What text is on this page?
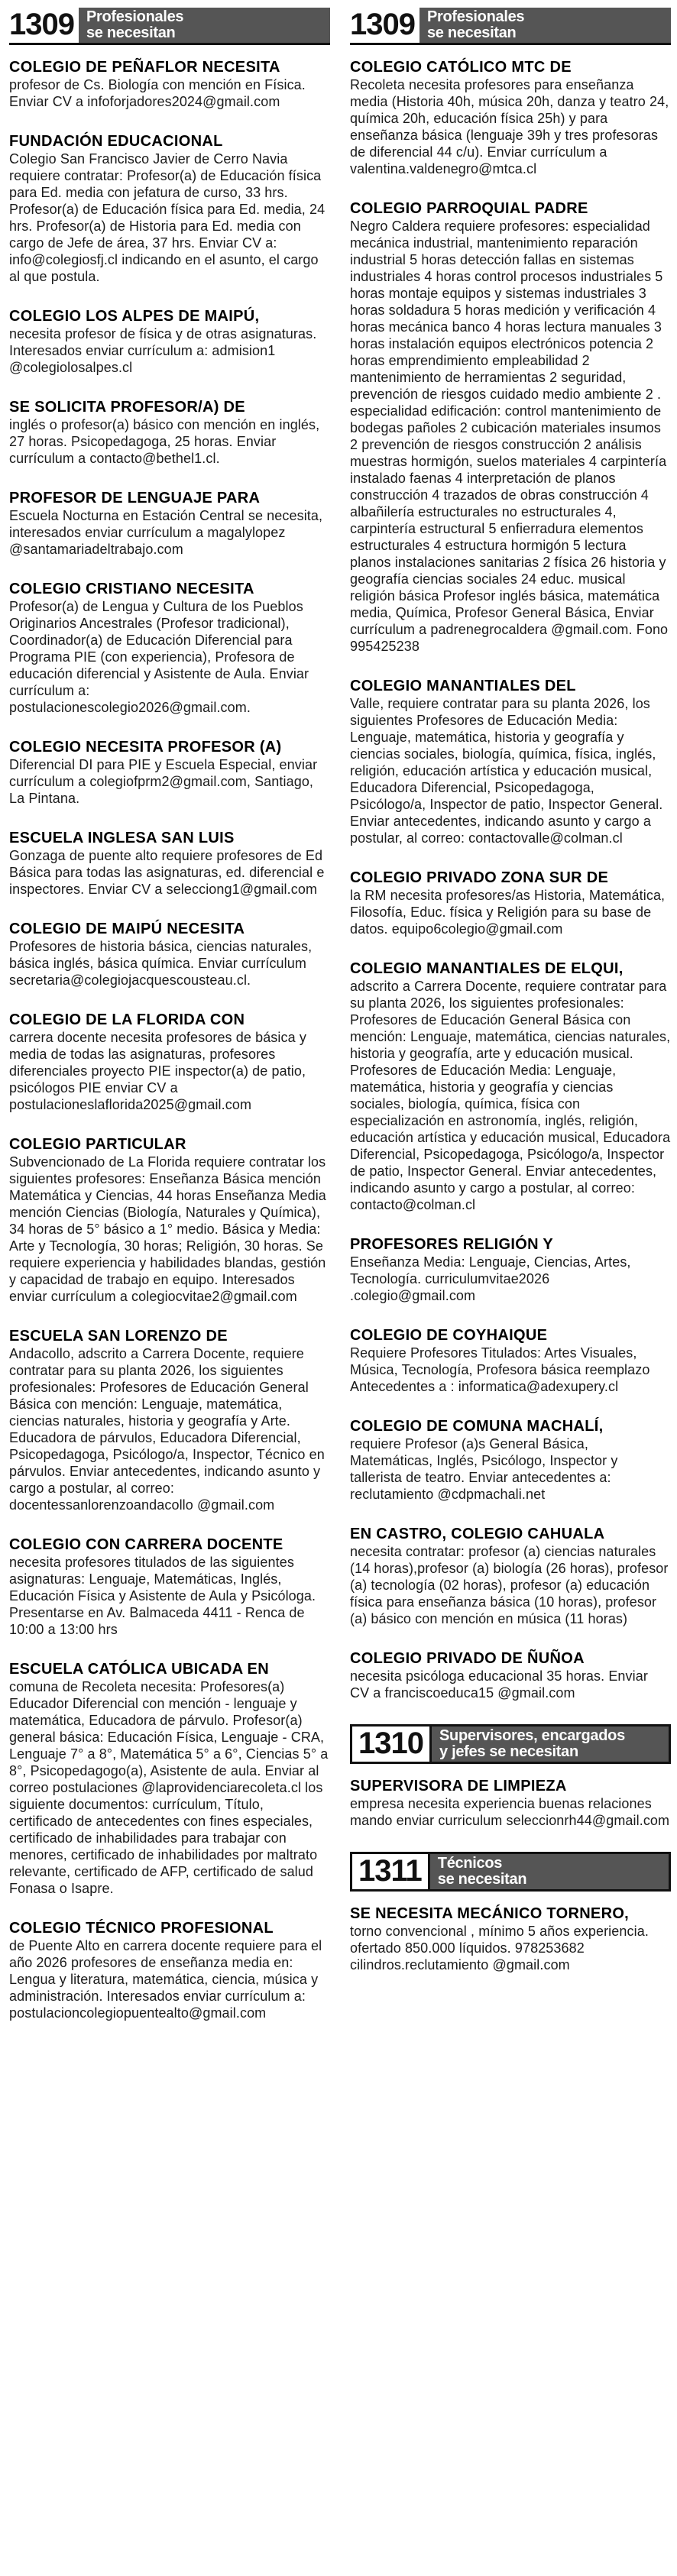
1309 Profesionales
se necesitan
COLEGIO DE PEÑAFLOR NECESITA
profesor de Cs. Biología con mención en Física. Enviar CV a infoforjadores2024@gmail.com
FUNDACIÓN EDUCACIONAL
Colegio San Francisco Javier de Cerro Navia requiere contratar: Profesor(a) de Educación física para Ed. media con jefatura de curso, 33 hrs. Profesor(a) de Educación física para Ed. media, 24 hrs. Profesor(a) de Historia para Ed. media con cargo de Jefe de área, 37 hrs. Enviar CV a: info@colegiosfj.cl indicando en el asunto, el cargo al que postula.
COLEGIO LOS ALPES DE MAIPÚ,
necesita profesor de física y de otras asignaturas. Interesados enviar currículum a: admision1 @colegiolosalpes.cl
SE SOLICITA PROFESOR/A) DE
inglés o profesor(a) básico con mención en inglés, 27 horas. Psicopedagoga, 25 horas. Enviar currículum a contacto@bethel1.cl.
PROFESOR DE LENGUAJE PARA
Escuela Nocturna en Estación Central se necesita, interesados enviar currículum a magalylopez @santamariadeltrabajo.com
COLEGIO CRISTIANO NECESITA
Profesor(a) de Lengua y Cultura de los Pueblos Originarios Ancestrales (Profesor tradicional), Coordinador(a) de Educación Diferencial para Programa PIE (con experiencia), Profesora de educación diferencial y Asistente de Aula. Enviar currículum a: postulacionescolegio2026@gmail.com.
COLEGIO NECESITA PROFESOR (A)
Diferencial DI para PIE y Escuela Especial, enviar currículum a colegiofprm2@gmail.com, Santiago, La Pintana.
ESCUELA INGLESA SAN LUIS
Gonzaga de puente alto requiere profesores de Ed Básica para todas las asignaturas, ed. diferencial e inspectores. Enviar CV a selecciong1@gmail.com
COLEGIO DE MAIPÚ NECESITA
Profesores de historia básica, ciencias naturales, básica inglés, básica química. Enviar currículum secretaria@colegiojacquescousteau.cl.
COLEGIO DE LA FLORIDA CON
carrera docente necesita profesores de básica y media de todas las asignaturas, profesores diferenciales proyecto PIE inspector(a) de patio, psicólogos PIE enviar CV a postulacioneslaflorida2025@gmail.com
COLEGIO PARTICULAR
Subvencionado de La Florida requiere contratar los siguientes profesores: Enseñanza Básica mención Matemática y Ciencias, 44 horas Enseñanza Media mención Ciencias (Biología, Naturales y Química), 34 horas de 5° básico a 1° medio. Básica y Media: Arte y Tecnología, 30 horas; Religión, 30 horas. Se requiere experiencia y habilidades blandas, gestión y capacidad de trabajo en equipo. Interesados enviar currículum a colegiocvitae2@gmail.com
ESCUELA SAN LORENZO DE
Andacollo, adscrito a Carrera Docente, requiere contratar para su planta 2026, los siguientes profesionales: Profesores de Educación General Básica con mención: Lenguaje, matemática, ciencias naturales, historia y geografía y Arte. Educadora de párvulos, Educadora Diferencial, Psicopedagoga, Psicólogo/a, Inspector, Técnico en párvulos. Enviar antecedentes, indicando asunto y cargo a postular, al correo: docentessanlorenzoandacollo @gmail.com
COLEGIO CON CARRERA DOCENTE
necesita profesores titulados de las siguientes asignaturas: Lenguaje, Matemáticas, Inglés, Educación Física y Asistente de Aula y Psicóloga. Presentarse en Av. Balmaceda 4411 - Renca de 10:00 a 13:00 hrs
ESCUELA CATÓLICA UBICADA EN
comuna de Recoleta necesita: Profesores(a) Educador Diferencial con mención - lenguaje y matemática, Educadora de párvulo. Profesor(a) general básica: Educación Física, Lenguaje - CRA, Lenguaje 7° a 8°, Matemática 5° a 6°, Ciencias 5° a 8°, Psicopedagogo(a), Asistente de aula. Enviar al correo postulaciones @laprovidenciarecoleta.cl los siguiente documentos: currículum, Título, certificado de antecedentes con fines especiales, certificado de inhabilidades para trabajar con menores, certificado de inhabilidades por maltrato relevante, certificado de AFP, certificado de salud Fonasa o Isapre.
COLEGIO TÉCNICO PROFESIONAL
de Puente Alto en carrera docente requiere para el año 2026 profesores de enseñanza media en: Lengua y literatura, matemática, ciencia, música y administración. Interesados enviar currículum a: postulacioncolegiopuentealto@gmail.com
1309 Profesionales
se necesitan
COLEGIO CATÓLICO MTC DE
Recoleta necesita profesores para enseñanza media (Historia 40h, música 20h, danza y teatro 24, química 20h, educación física 25h) y para enseñanza básica (lenguaje 39h y tres profesoras de diferencial 44 c/u). Enviar currículum a valentina.valdenegro@mtca.cl
COLEGIO PARROQUIAL PADRE
Negro Caldera requiere profesores: especialidad mecánica industrial, mantenimiento reparación industrial 5 horas detección fallas en sistemas industriales 4 horas control procesos industriales 5 horas montaje equipos y sistemas industriales 3 horas soldadura 5 horas medición y verificación 4 horas mecánica banco 4 horas lectura manuales 3 horas instalación equipos electrónicos potencia 2 horas emprendimiento empleabilidad 2 mantenimiento de herramientas 2 seguridad, prevención de riesgos cuidado medio ambiente 2 . especialidad edificación: control mantenimiento de bodegas pañoles 2 cubicación materiales insumos 2 prevención de riesgos construcción 2 análisis muestras hormigón, suelos materiales 4 carpintería instalado faenas 4 interpretación de planos construcción 4 trazados de obras construcción 4 albañilería estructurales no estructurales 4, carpintería estructural 5 enfierradura elementos estructurales 4 estructura hormigón 5 lectura planos instalaciones sanitarias 2 física 26 historia y geografía ciencias sociales 24 educ. musical religión básica Profesor inglés básica, matemática media, Química, Profesor General Básica, Enviar currículum a padrenegrocaldera @gmail.com. Fono 995425238
COLEGIO MANANTIALES DEL
Valle, requiere contratar para su planta 2026, los siguientes Profesores de Educación Media: Lenguaje, matemática, historia y geografía y ciencias sociales, biología, química, física, inglés, religión, educación artística y educación musical, Educadora Diferencial, Psicopedagoga, Psicólogo/a, Inspector de patio, Inspector General. Enviar antecedentes, indicando asunto y cargo a postular, al correo: contactovalle@colman.cl
COLEGIO PRIVADO ZONA SUR DE
la RM necesita profesores/as Historia, Matemática, Filosofía, Educ. física y Religión para su base de datos. equipo6colegio@gmail.com
COLEGIO MANANTIALES DE ELQUI,
adscrito a Carrera Docente, requiere contratar para su planta 2026, los siguientes profesionales: Profesores de Educación General Básica con mención: Lenguaje, matemática, ciencias naturales, historia y geografía, arte y educación musical. Profesores de Educación Media: Lenguaje, matemática, historia y geografía y ciencias sociales, biología, química, física con especialización en astronomía, inglés, religión, educación artística y educación musical, Educadora Diferencial, Psicopedagoga, Psicólogo/a, Inspector de patio, Inspector General. Enviar antecedentes, indicando asunto y cargo a postular, al correo: contacto@colman.cl
PROFESORES RELIGIÓN Y
Enseñanza Media: Lenguaje, Ciencias, Artes, Tecnología. curriculumvitae2026 .colegio@gmail.com
COLEGIO DE COYHAIQUE
Requiere Profesores Titulados: Artes Visuales, Música, Tecnología, Profesora básica reemplazo Antecedentes a : informatica@adexupery.cl
COLEGIO DE COMUNA MACHALÍ,
requiere Profesor (a)s General Básica, Matemáticas, Inglés, Psicólogo, Inspector y tallerista de teatro. Enviar antecedentes a: reclutamiento @cdpmachali.net
EN CASTRO, COLEGIO CAHUALA
necesita contratar: profesor (a) ciencias naturales (14 horas),profesor (a) biología (26 horas), profesor (a) tecnología (02 horas), profesor (a) educación física para enseñanza básica (10 horas), profesor (a) básico con mención en música (11 horas)
COLEGIO PRIVADO DE ÑUÑOA
necesita psicóloga educacional 35 horas. Enviar CV a franciscoeduca15 @gmail.com
1310	Supervisores, encargados
y jefes se necesitan
SUPERVISORA DE LIMPIEZA
empresa necesita experiencia buenas relaciones mando enviar curriculum seleccionrh44@gmail.com
1311	Técnicos
se necesitan
SE NECESITA MECÁNICO TORNERO,
torno convencional , mínimo 5 años experiencia. ofertado 850.000 líquidos. 978253682 cilindros.reclutamiento @gmail.com
